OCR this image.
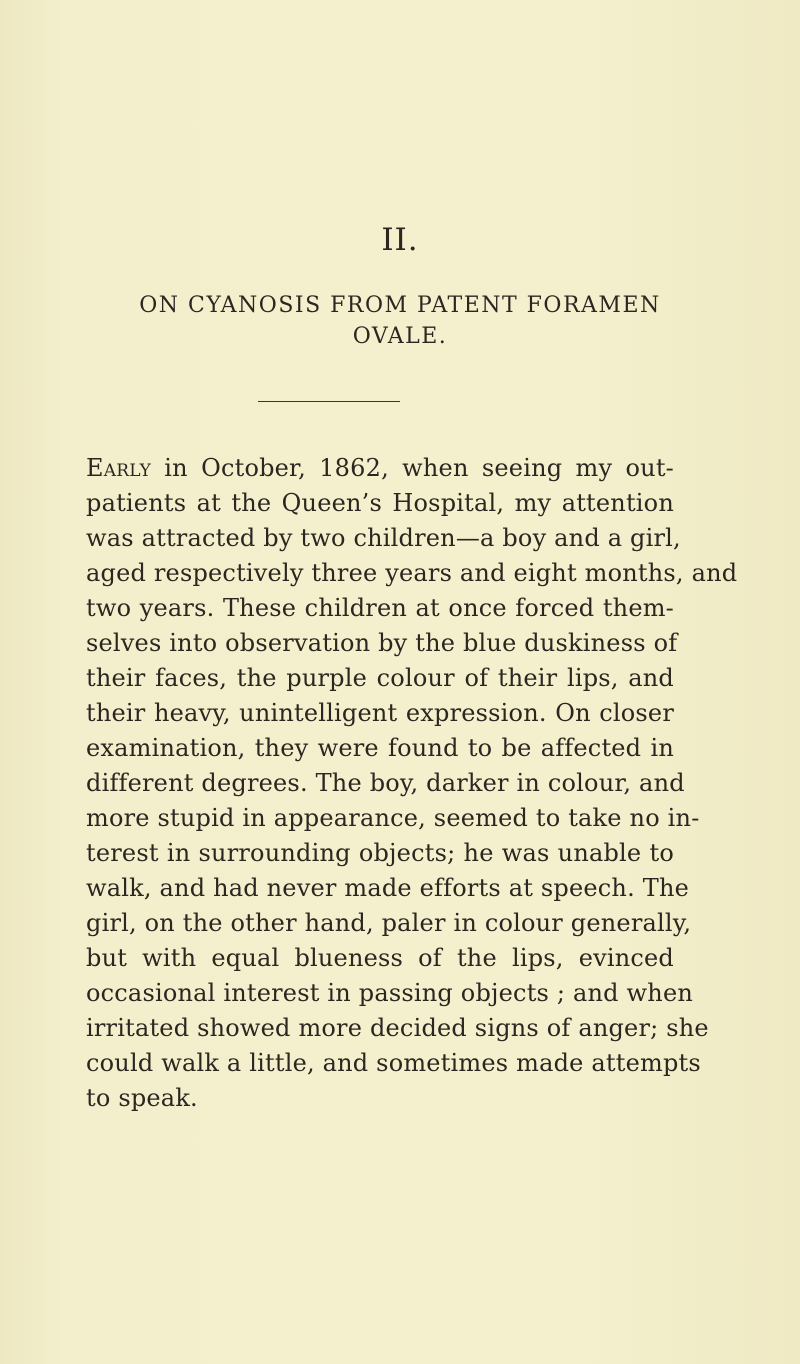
II.
ON CYANOSIS FROM PATENT FORAMEN
OVALE.
Early in October, 1862, when seeing my out-
patients at the Queen’s Hospital, my attention
was attracted by two children—a boy and a girl,
aged respectively three years and eight months, and
two years. These children at once forced them-
selves into observation by the blue duskiness of
their faces, the purple colour of their lips, and
their heavy, unintelligent expression. On closer
examination, they were found to be affected in
different degrees. The boy, darker in colour, and
more stupid in appearance, seemed to take no in-
terest in surrounding objects; he was unable to
walk, and had never made efforts at speech. The
girl, on the other hand, paler in colour generally,
but with equal blueness of the lips, evinced
occasional interest in passing objects ; and when
irritated showed more decided signs of anger; she
could walk a little, and sometimes made attempts
to speak.
